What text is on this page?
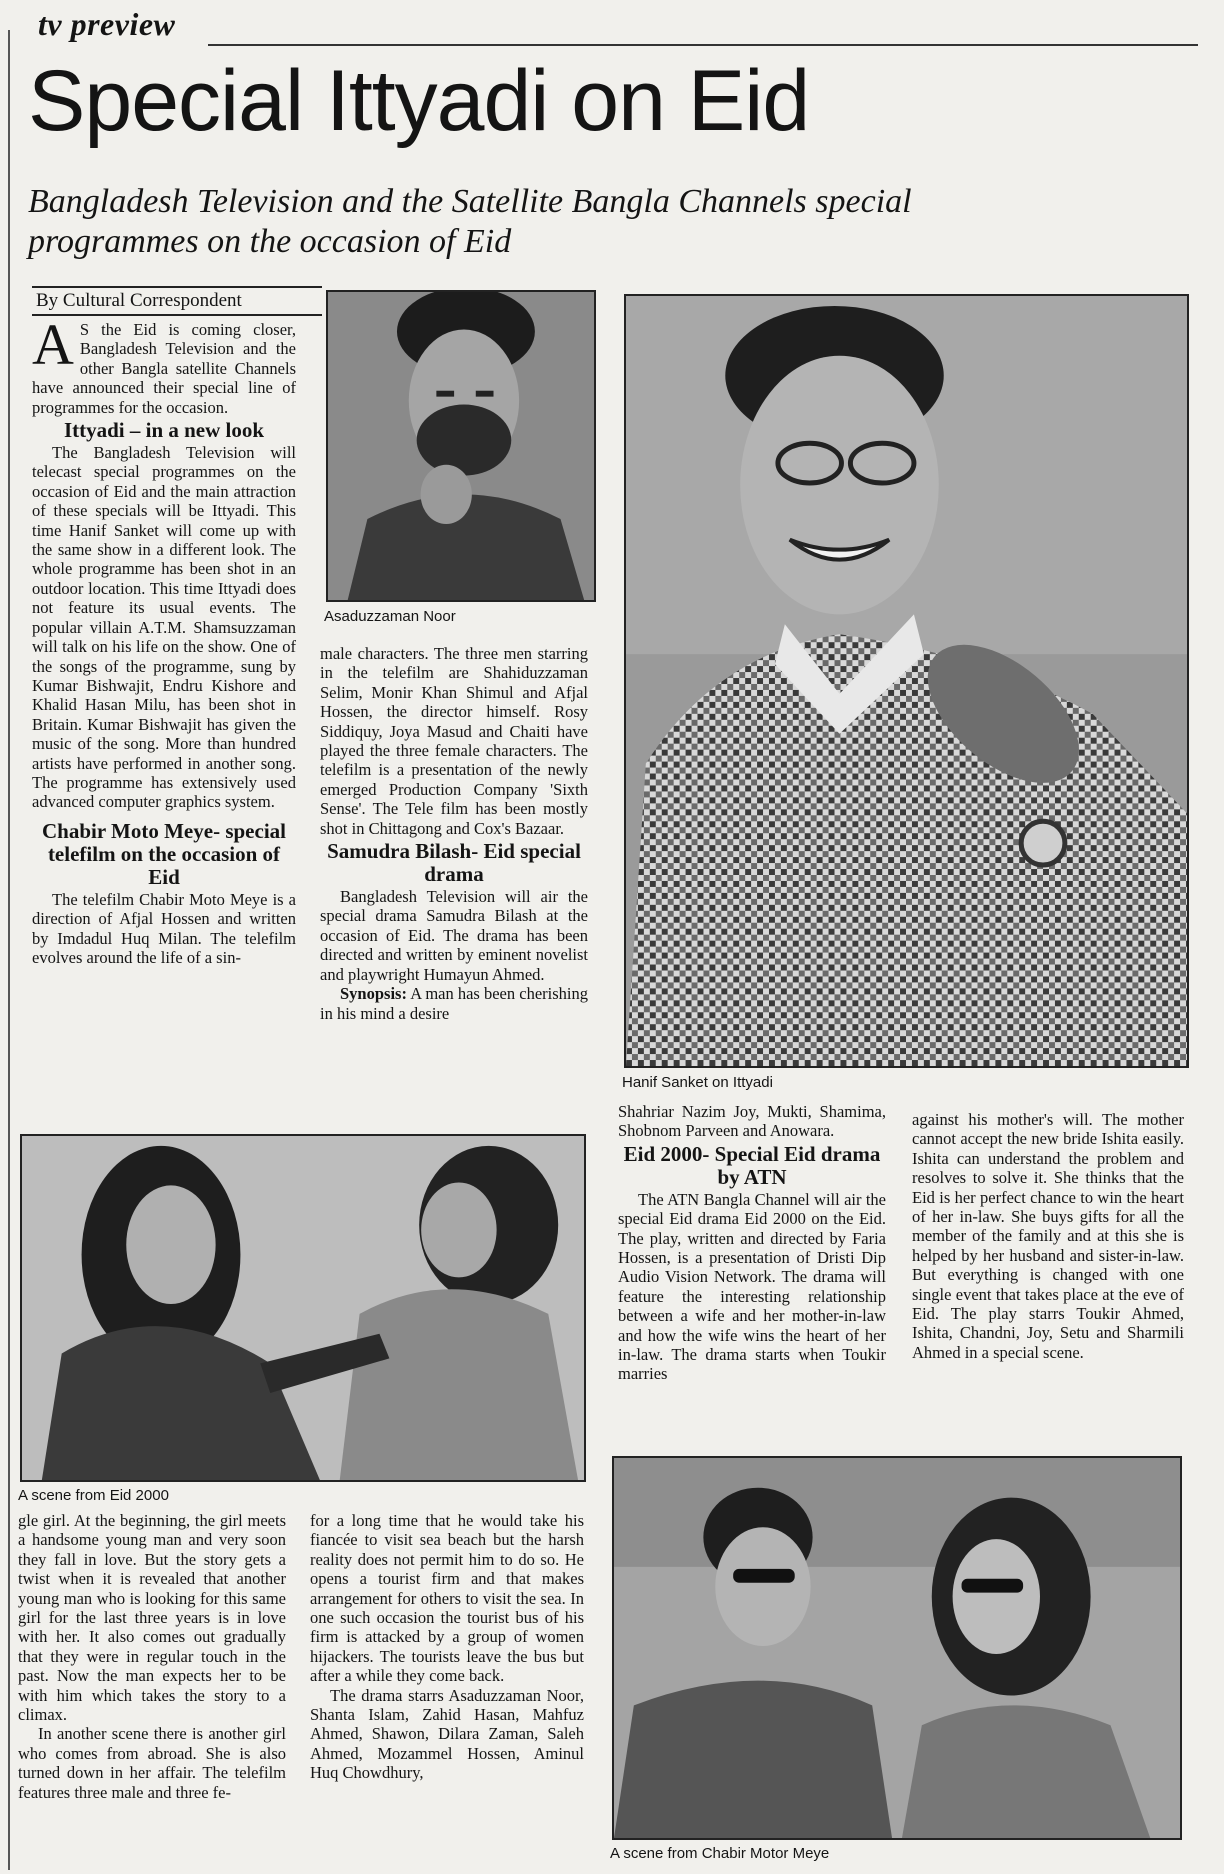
tv preview
Special Ittyadi on Eid
Bangladesh Television and the Satellite Bangla Channels special programmes on the occasion of Eid
By Cultural Correspondent

A S the Eid is coming closer, Bangladesh Television and the other Bangla satellite Channels have announced their special line of programmes for the occasion.

Ittyadi – in a new look

The Bangladesh Television will telecast special programmes on the occasion of Eid and the main attraction of these specials will be Ittyadi. This time Hanif Sanket will come up with the same show in a different look. The whole programme has been shot in an outdoor location. This time Ittyadi does not feature its usual events. The popular villain A.T.M. Shamsuzzaman will talk on his life on the show. One of the songs of the programme, sung by Kumar Bishwajit, Endru Kishore and Khalid Hasan Milu, has been shot in Britain. Kumar Bishwajit has given the music of the song. More than hundred artists have performed in another song. The programme has extensively used advanced computer graphics system.

Chabir Moto Meye- special telefilm on the occasion of Eid

The telefilm Chabir Moto Meye is a direction of Afjal Hossen and written by Imdadul Huq Milan. The telefilm evolves around the life of a sin-

male characters. The three men starring in the telefilm are Shahiduzzaman Selim, Monir Khan Shimul and Afjal Hossen, the director himself. Rosy Siddiquy, Joya Masud and Chaiti have played the three female characters. The telefilm is a presentation of the newly emerged Production Company 'Sixth Sense'. The Tele film has been mostly shot in Chittagong and Cox's Bazaar.

Samudra Bilash- Eid special drama

Bangladesh Television will air the special drama Samudra Bilash at the occasion of Eid. The drama has been directed and written by eminent novelist and playwright Humayun Ahmed.

Synopsis: A man has been cherishing in his mind a desire

Shahriar Nazim Joy, Mukti, Shamima, Shobnom Parveen and Anowara.

Eid 2000- Special Eid drama by ATN

The ATN Bangla Channel will air the special Eid drama Eid 2000 on the Eid. The play, written and directed by Faria Hossen, is a presentation of Dristi Dip Audio Vision Network. The drama will feature the interesting relationship between a wife and her mother-in-law and how the wife wins the heart of her in-law. The drama starts when Toukir marries

against his mother's will. The mother cannot accept the new bride Ishita easily. Ishita can understand the problem and resolves to solve it. She thinks that the Eid is her perfect chance to win the heart of her in-law. She buys gifts for all the member of the family and at this she is helped by her husband and sister-in-law. But everything is changed with one single event that takes place at the eve of Eid. The play starrs Toukir Ahmed, Ishita, Chandni, Joy, Setu and Sharmili Ahmed in a special scene.

gle girl. At the beginning, the girl meets a handsome young man and very soon they fall in love. But the story gets a twist when it is revealed that another young man who is looking for this same girl for the last three years is in love with her. It also comes out gradually that they were in regular touch in the past. Now the man expects her to be with him which takes the story to a climax.

In another scene there is another girl who comes from abroad. She is also turned down in her affair. The telefilm features three male and three fe-

for a long time that he would take his fiancée to visit sea beach but the harsh reality does not permit him to do so. He opens a tourist firm and that makes arrangement for others to visit the sea. In one such occasion the tourist bus of his firm is attacked by a group of women hijackers. The tourists leave the bus but after a while they come back.

The drama starrs Asaduzzaman Noor, Shanta Islam, Zahid Hasan, Mahfuz Ahmed, Shawon, Dilara Zaman, Saleh Ahmed, Mozammel Hossen, Aminul Huq Chowdhury,

Asaduzzaman Noor
Hanif Sanket on Ittyadi
A scene from Eid 2000
A scene from Chabir Motor Meye
